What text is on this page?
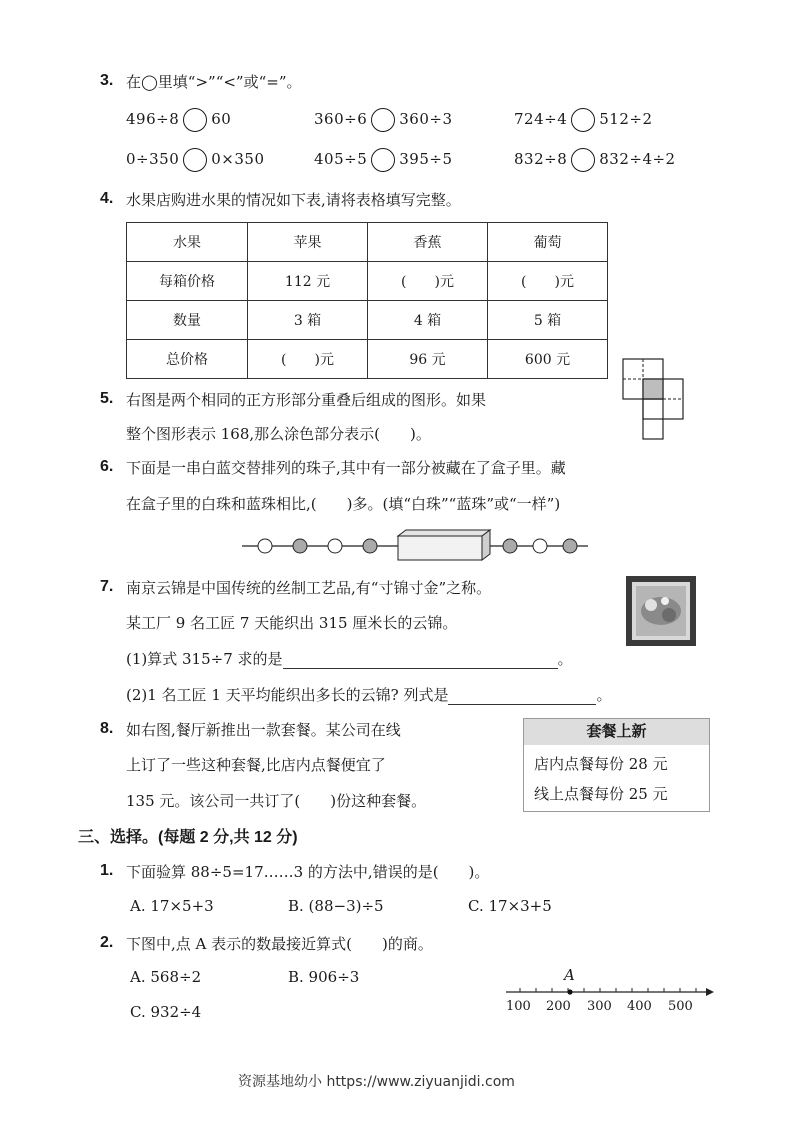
3. 在◯里填“>”“<”或“=”。
496÷8 60	360÷6 360÷3	724÷4 512÷2
0÷350 0×350	405÷5 395÷5	832÷8 832÷4÷2
4. 水果店购进水果的情况如下表,请将表格填写完整。
水果	苹果	香蕉	葡萄
每箱价格	112 元	(　　)元	(　　)元
数量	3 箱	4 箱	5 箱
总价格	(　　)元	96 元	600 元
5. 右图是两个相同的正方形部分重叠后组成的图形。如果
整个图形表示 168,那么涂色部分表示(　　)。
6. 下面是一串白蓝交替排列的珠子,其中有一部分被藏在了盒子里。藏
在盒子里的白珠和蓝珠相比,(　　)多。(填“白珠”“蓝珠”或“一样”)
7. 南京云锦是中国传统的丝制工艺品,有“寸锦寸金”之称。
某工厂 9 名工匠 7 天能织出 315 厘米长的云锦。
(1)算式 315÷7 求的是	。
(2)1 名工匠 1 天平均能织出多长的云锦? 列式是	。
8. 如右图,餐厅新推出一款套餐。某公司在线
上订了一些这种套餐,比店内点餐便宜了
135 元。该公司一共订了(　　)份这种套餐。
套餐上新
店内点餐每份 28 元
线上点餐每份 25 元
三、选择。(每题 2 分,共 12 分)
1. 下面验算 88÷5=17……3 的方法中,错误的是(　　)。
A. 17×5+3	B. (88−3)÷5	C. 17×3+5
2. 下图中,点 A 表示的数最接近算式(　　)的商。
A. 568÷2	B. 906÷3
C. 932÷4
A
100 200 300 400 500
资源基地幼小 https://www.ziyuanjidi.com
